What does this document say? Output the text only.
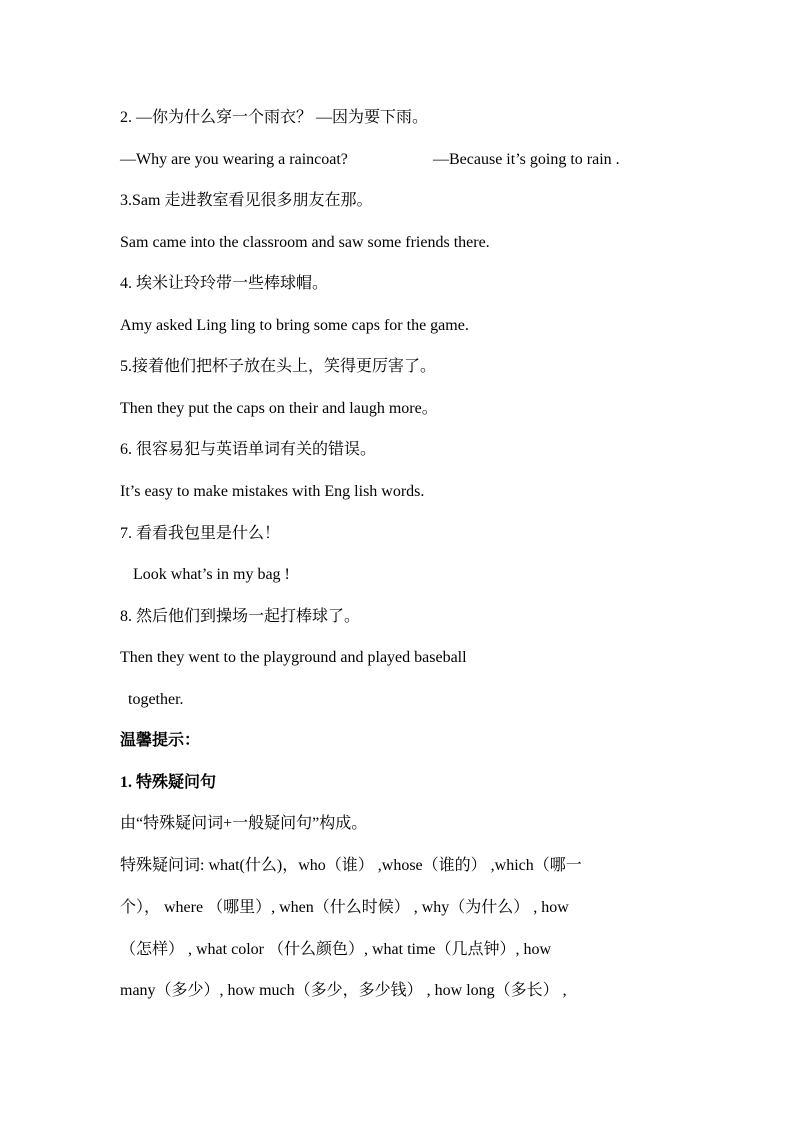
2. —你为什么穿一个雨衣？ —因为要下雨。
—Why are you wearing a raincoat?	—Because it’s going to rain .
3.Sam 走进教室看见很多朋友在那。
Sam came into the classroom and saw some friends there.
4. 埃米让玲玲带一些棒球帽。
Amy asked Ling ling to bring some caps for the game.
5.接着他们把杯子放在头上，笑得更厉害了。
Then they put the caps on their and laugh more。
6. 很容易犯与英语单词有关的错误。
It’s easy to make mistakes with Eng lish words.
7. 看看我包里是什么！
Look what’s in my bag !
8. 然后他们到操场一起打棒球了。
Then they went to the playground and played baseball
together.
温馨提示：
1. 特殊疑问句
由“特殊疑问词+一般疑问句”构成。
特殊疑问词: what(什么)，who（谁） ,whose（谁的） ,which（哪一
个）， where （哪里）, when（什么时候） , why（为什么） , how
（怎样） , what color （什么颜色）, what time（几点钟）, how
many（多少）, how much（多少，多少钱） , how long（多长） ,
